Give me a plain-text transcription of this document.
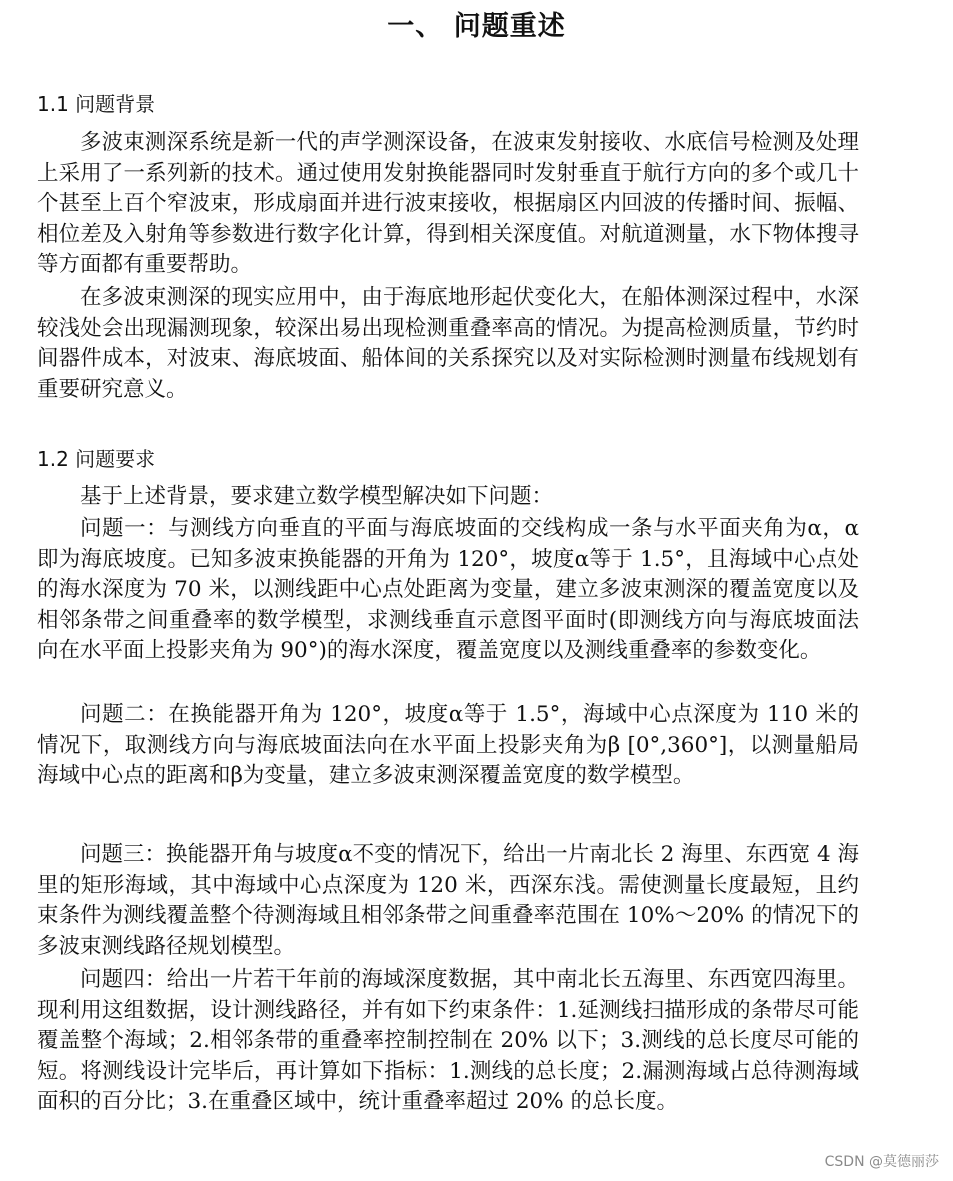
一、 问题重述
1.1 问题背景

多波束测深系统是新一代的声学测深设备，在波束发射接收、水底信号检测及处理上采用了一系列新的技术。通过使用发射换能器同时发射垂直于航行方向的多个或几十个甚至上百个窄波束，形成扇面并进行波束接收，根据扇区内回波的传播时间、振幅、相位差及入射角等参数进行数字化计算，得到相关深度值。对航道测量，水下物体搜寻等方面都有重要帮助。

在多波束测深的现实应用中，由于海底地形起伏变化大，在船体测深过程中，水深较浅处会出现漏测现象，较深出易出现检测重叠率高的情况。为提高检测质量，节约时间器件成本，对波束、海底坡面、船体间的关系探究以及对实际检测时测量布线规划有重要研究意义。

1.2 问题要求

基于上述背景，要求建立数学模型解决如下问题：

问题一：与测线方向垂直的平面与海底坡面的交线构成一条与水平面夹角为α，α即为海底坡度。已知多波束换能器的开角为 120°，坡度α等于 1.5°，且海域中心点处的海水深度为 70 米，以测线距中心点处距离为变量，建立多波束测深的覆盖宽度以及相邻条带之间重叠率的数学模型，求测线垂直示意图平面时(即测线方向与海底坡面法向在水平面上投影夹角为 90°)的海水深度，覆盖宽度以及测线重叠率的参数变化。

问题二：在换能器开角为 120°，坡度α等于 1.5°，海域中心点深度为 110 米的情况下，取测线方向与海底坡面法向在水平面上投影夹角为β [0°,360°]，以测量船局海域中心点的距离和β为变量，建立多波束测深覆盖宽度的数学模型。

问题三：换能器开角与坡度α不变的情况下，给出一片南北长 2 海里、东西宽 4 海里的矩形海域，其中海域中心点深度为 120 米，西深东浅。需使测量长度最短，且约束条件为测线覆盖整个待测海域且相邻条带之间重叠率范围在 10%～20% 的情况下的多波束测线路径规划模型。

问题四：给出一片若干年前的海域深度数据，其中南北长五海里、东西宽四海里。现利用这组数据，设计测线路径，并有如下约束条件：1.延测线扫描形成的条带尽可能覆盖整个海域；2.相邻条带的重叠率控制控制在 20% 以下；3.测线的总长度尽可能的短。将测线设计完毕后，再计算如下指标：1.测线的总长度；2.漏测海域占总待测海域面积的百分比；3.在重叠区域中，统计重叠率超过 20% 的总长度。

CSDN @莫德丽莎
